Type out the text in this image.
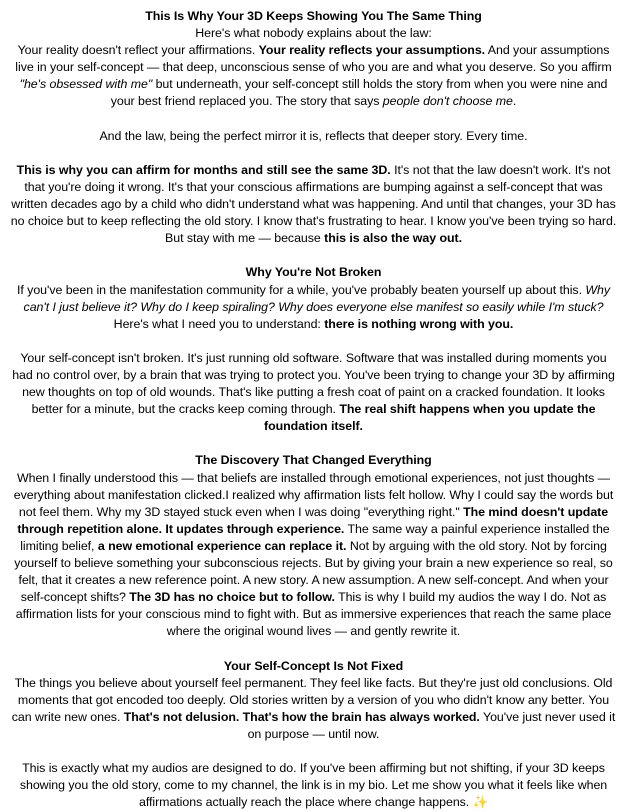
This Is Why Your 3D Keeps Showing You The Same Thing

Here's what nobody explains about the law:

Your reality doesn't reflect your affirmations. Your reality reflects your assumptions. And your assumptions live in your self-concept — that deep, unconscious sense of who you are and what you deserve. So you affirm "he's obsessed with me" but underneath, your self-concept still holds the story from when you were nine and your best friend replaced you. The story that says people don't choose me.

And the law, being the perfect mirror it is, reflects that deeper story. Every time.

This is why you can affirm for months and still see the same 3D. It's not that the law doesn't work. It's not that you're doing it wrong. It's that your conscious affirmations are bumping against a self-concept that was written decades ago by a child who didn't understand what was happening. And until that changes, your 3D has no choice but to keep reflecting the old story. I know that's frustrating to hear. I know you've been trying so hard. But stay with me — because this is also the way out.

Why You're Not Broken

If you've been in the manifestation community for a while, you've probably beaten yourself up about this. Why can't I just believe it? Why do I keep spiraling? Why does everyone else manifest so easily while I'm stuck? Here's what I need you to understand: there is nothing wrong with you.

Your self-concept isn't broken. It's just running old software. Software that was installed during moments you had no control over, by a brain that was trying to protect you. You've been trying to change your 3D by affirming new thoughts on top of old wounds. That's like putting a fresh coat of paint on a cracked foundation. It looks better for a minute, but the cracks keep coming through. The real shift happens when you update the foundation itself.

The Discovery That Changed Everything

When I finally understood this — that beliefs are installed through emotional experiences, not just thoughts — everything about manifestation clicked.I realized why affirmation lists felt hollow. Why I could say the words but not feel them. Why my 3D stayed stuck even when I was doing "everything right." The mind doesn't update through repetition alone. It updates through experience. The same way a painful experience installed the limiting belief, a new emotional experience can replace it. Not by arguing with the old story. Not by forcing yourself to believe something your subconscious rejects. But by giving your brain a new experience so real, so felt, that it creates a new reference point. A new story. A new assumption. A new self-concept. And when your self-concept shifts? The 3D has no choice but to follow. This is why I build my audios the way I do. Not as affirmation lists for your conscious mind to fight with. But as immersive experiences that reach the same place where the original wound lives — and gently rewrite it.

Your Self-Concept Is Not Fixed

The things you believe about yourself feel permanent. They feel like facts. But they're just old conclusions. Old moments that got encoded too deeply. Old stories written by a version of you who didn't know any better. You can write new ones. That's not delusion. That's how the brain has always worked. You've just never used it on purpose — until now.

This is exactly what my audios are designed to do. If you've been affirming but not shifting, if your 3D keeps showing you the old story, come to my channel, the link is in my bio. Let me show you what it feels like when affirmations actually reach the place where change happens. ✨
